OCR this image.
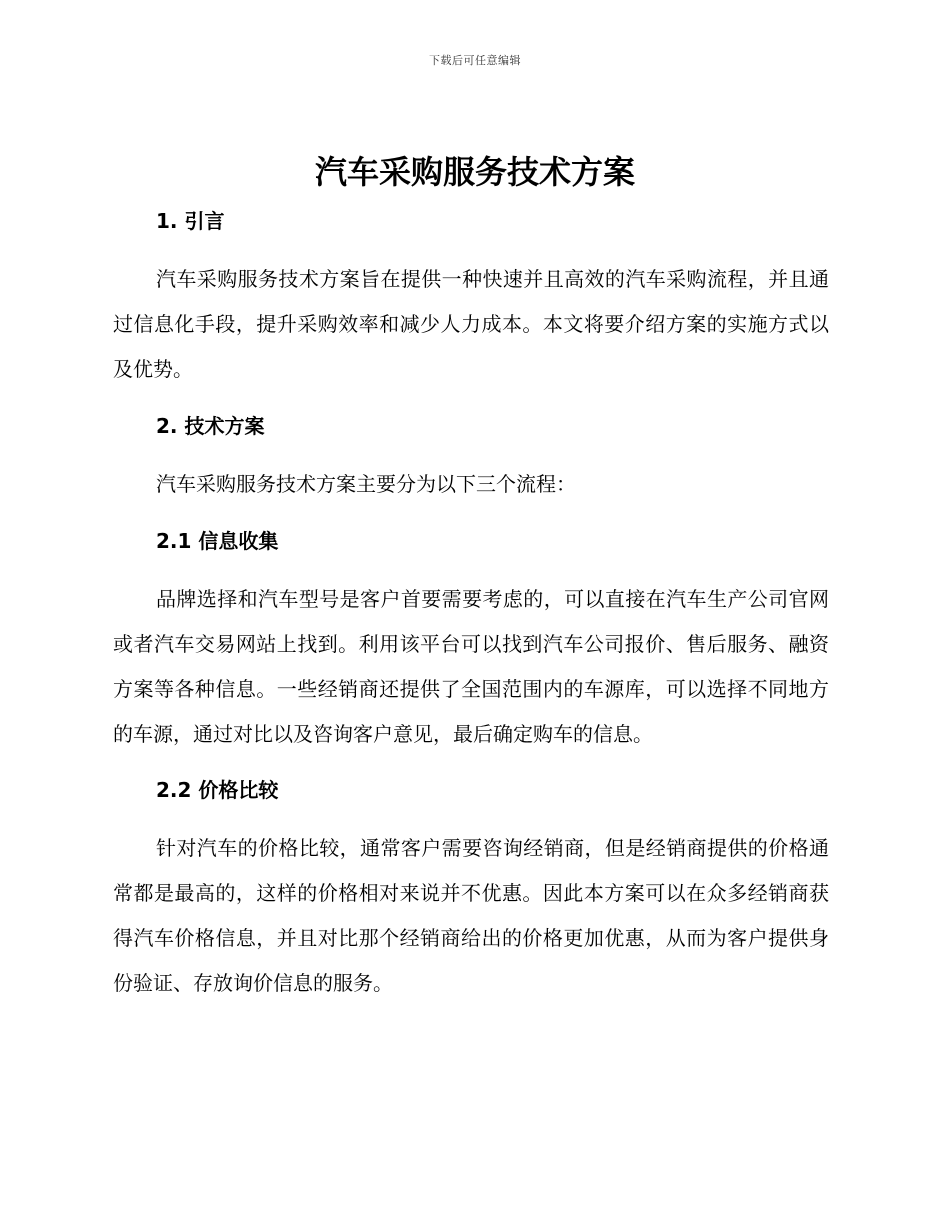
下载后可任意编辑
汽车采购服务技术方案
1. 引言
汽车采购服务技术方案旨在提供一种快速并且高效的汽车采购流程，并且通过信息化手段，提升采购效率和减少人力成本。本文将要介绍方案的实施方式以及优势。
2. 技术方案
汽车采购服务技术方案主要分为以下三个流程：
2.1 信息收集
品牌选择和汽车型号是客户首要需要考虑的，可以直接在汽车生产公司官网或者汽车交易网站上找到。利用该平台可以找到汽车公司报价、售后服务、融资方案等各种信息。一些经销商还提供了全国范围内的车源库，可以选择不同地方的车源，通过对比以及咨询客户意见，最后确定购车的信息。
2.2 价格比较
针对汽车的价格比较，通常客户需要咨询经销商，但是经销商提供的价格通常都是最高的，这样的价格相对来说并不优惠。因此本方案可以在众多经销商获得汽车价格信息，并且对比那个经销商给出的价格更加优惠，从而为客户提供身份验证、存放询价信息的服务。
